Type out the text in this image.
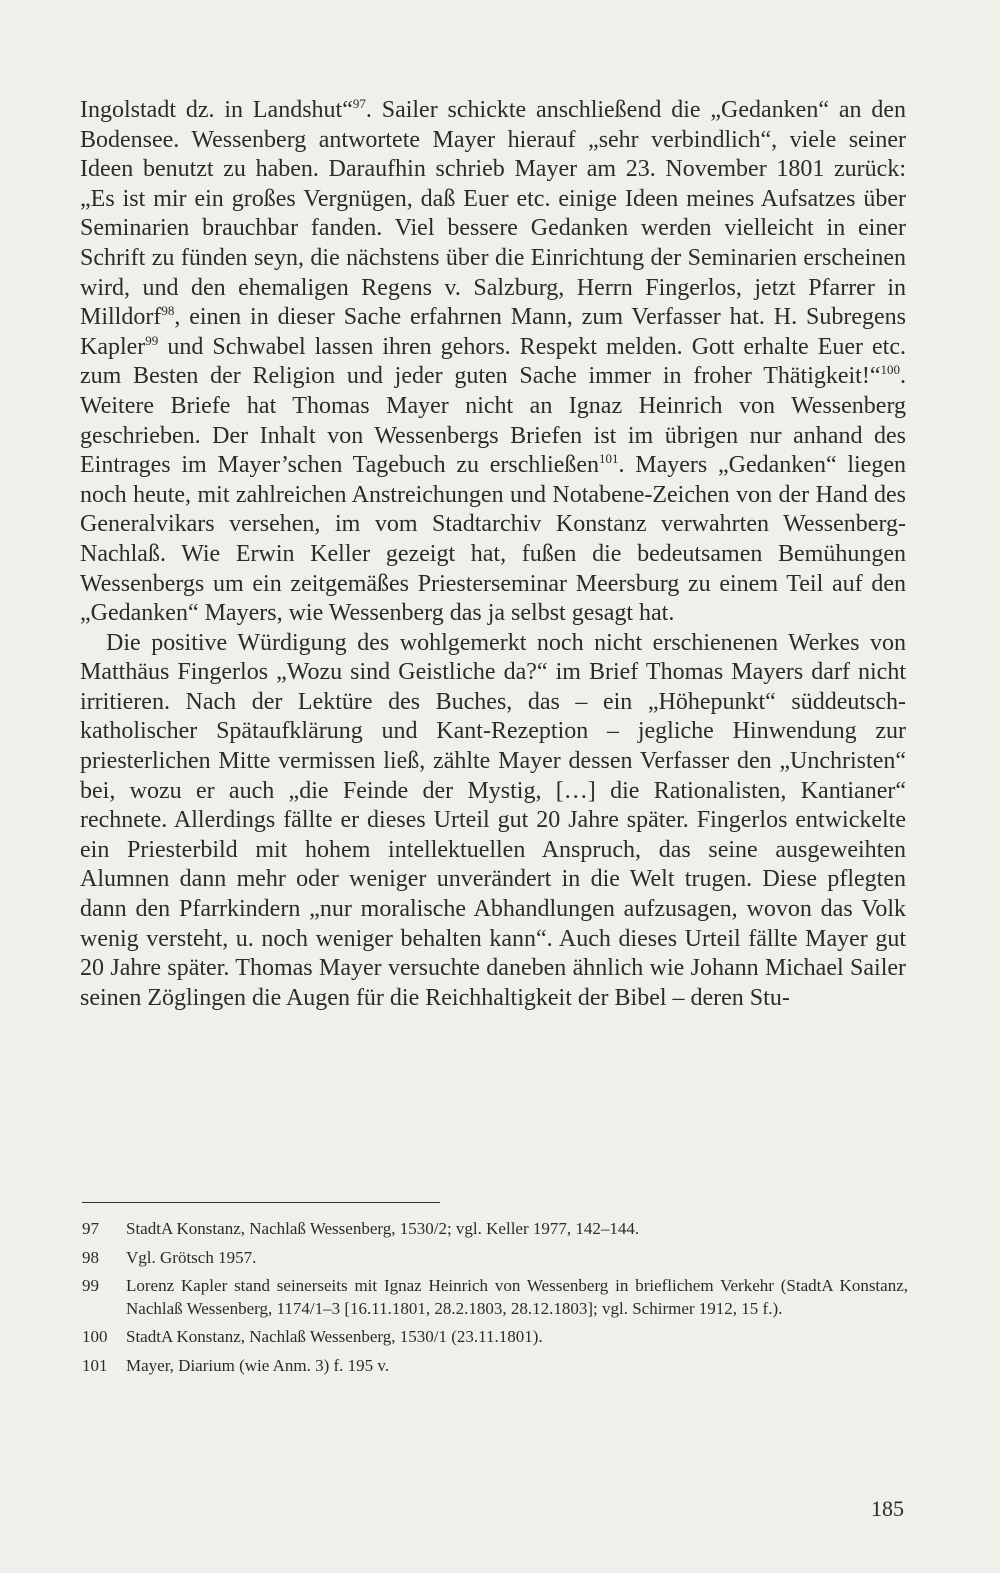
Ingolstadt dz. in Landshut“$^{97}$. Sailer schickte anschließend die „Gedanken“ an den Bodensee. Wessenberg antwortete Mayer hierauf „sehr verbindlich“, viele seiner Ideen benutzt zu haben. Daraufhin schrieb Mayer am 23. November 1801 zurück: „Es ist mir ein großes Vergnügen, daß Euer etc. einige Ideen meines Aufsatzes über Seminarien brauchbar fanden. Viel bessere Gedanken werden vielleicht in einer Schrift zu fünden seyn, die nächstens über die Einrichtung der Seminarien erscheinen wird, und den ehemaligen Regens v. Salzburg, Herrn Fingerlos, jetzt Pfarrer in Milldorf$^{98}$, einen in dieser Sache erfahrnen Mann, zum Verfasser hat. H. Subregens Kapler$^{99}$ und Schwabel lassen ihren gehors. Respekt melden. Gott erhalte Euer etc. zum Besten der Religion und jeder guten Sache immer in froher Thätigkeit!“$^{100}$. Weitere Briefe hat Thomas Mayer nicht an Ignaz Heinrich von Wessenberg geschrieben. Der Inhalt von Wessenbergs Briefen ist im übrigen nur anhand des Eintrages im Mayer’schen Tagebuch zu erschließen$^{101}$. Mayers „Gedanken“ liegen noch heute, mit zahlreichen Anstreichungen und Notabene-Zeichen von der Hand des Generalvikars versehen, im vom Stadtarchiv Konstanz verwahrten Wessenberg-Nachlaß. Wie Erwin Keller gezeigt hat, fußen die bedeutsamen Bemühungen Wessenbergs um ein zeitgemäßes Priesterseminar Meersburg zu einem Teil auf den „Gedanken“ Mayers, wie Wessenberg das ja selbst gesagt hat.

Die positive Würdigung des wohlgemerkt noch nicht erschienenen Werkes von Matthäus Fingerlos „Wozu sind Geistliche da?“ im Brief Thomas Mayers darf nicht irritieren. Nach der Lektüre des Buches, das – ein „Höhepunkt“ süddeutsch-katholischer Spätaufklärung und Kant-Rezeption – jegliche Hinwendung zur priesterlichen Mitte vermissen ließ, zählte Mayer dessen Verfasser den „Unchristen“ bei, wozu er auch „die Feinde der Mystig, […] die Rationalisten, Kantianer“ rechnete. Allerdings fällte er dieses Urteil gut 20 Jahre später. Fingerlos entwickelte ein Priesterbild mit hohem intellektuellen Anspruch, das seine ausgeweihten Alumnen dann mehr oder weniger unverändert in die Welt trugen. Diese pflegten dann den Pfarrkindern „nur moralische Abhandlungen aufzusagen, wovon das Volk wenig versteht, u. noch weniger behalten kann“. Auch dieses Urteil fällte Mayer gut 20 Jahre später. Thomas Mayer versuchte daneben ähnlich wie Johann Michael Sailer seinen Zöglingen die Augen für die Reichhaltigkeit der Bibel – deren Stu-

97	StadtA Konstanz, Nachlaß Wessenberg, 1530/2; vgl. Keller 1977, 142–144.
98	Vgl. Grötsch 1957.
99	Lorenz Kapler stand seinerseits mit Ignaz Heinrich von Wessenberg in brieflichem Verkehr (StadtA Konstanz, Nachlaß Wessenberg, 1174/1–3 [16.11.1801, 28.2.1803, 28.12.1803]; vgl. Schirmer 1912, 15 f.).
100	StadtA Konstanz, Nachlaß Wessenberg, 1530/1 (23.11.1801).
101	Mayer, Diarium (wie Anm. 3) f. 195 v.
185
